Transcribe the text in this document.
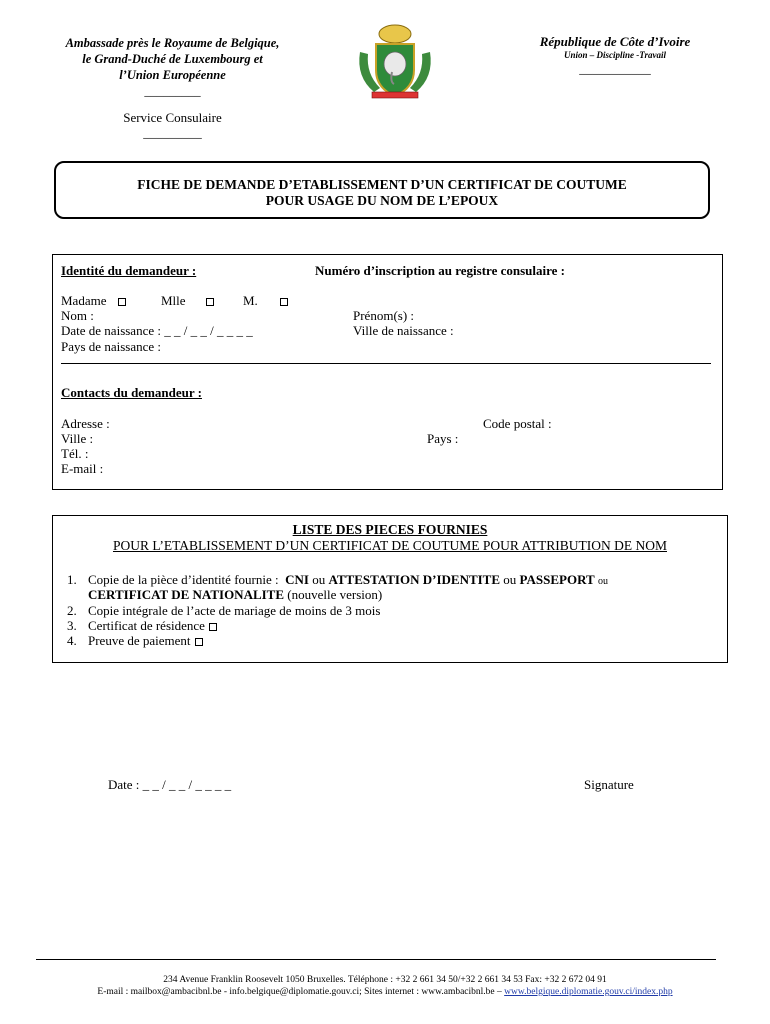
Ambassade près le Royaume de Belgique,
le Grand-Duché de Luxembourg et
l’Union Européenne
_________
Service Consulaire
_________
République de Côte d’Ivoire
Union – Discipline -Travail
___________
FICHE DE DEMANDE D’ETABLISSEMENT D’UN CERTIFICAT DE COUTUME
POUR USAGE DU NOM DE L’EPOUX
Identité du demandeur :	Numéro d’inscription au registre consulaire :
Madame	Mlle	M.
Nom :	Prénom(s) :
Date de naissance : _ _ / _ _ / _ _ _ _	Ville de naissance :
Pays de naissance :
Contacts du demandeur :
Adresse :	Code postal :
Ville :	Pays :
Tél. :
E-mail :
LISTE DES PIECES FOURNIES
POUR L’ETABLISSEMENT D’UN CERTIFICAT DE COUTUME POUR ATTRIBUTION DE NOM
1. Copie de la pièce d’identité fournie : CNI ou ATTESTATION D’IDENTITE ou PASSEPORT ou
CERTIFICAT DE NATIONALITE (nouvelle version)
2. Copie intégrale de l’acte de mariage de moins de 3 mois
3. Certificat de résidence
4. Preuve de paiement
Date : _ _ / _ _ / _ _ _ _	Signature
234 Avenue Franklin Roosevelt 1050 Bruxelles. Téléphone : +32 2 661 34 50/+32 2 661 34 53 Fax: +32 2 672 04 91
E-mail : mailbox@ambacibnl.be - info.belgique@diplomatie.gouv.ci; Sites internet : www.ambacibnl.be – www.belgique.diplomatie.gouv.ci/index.php
